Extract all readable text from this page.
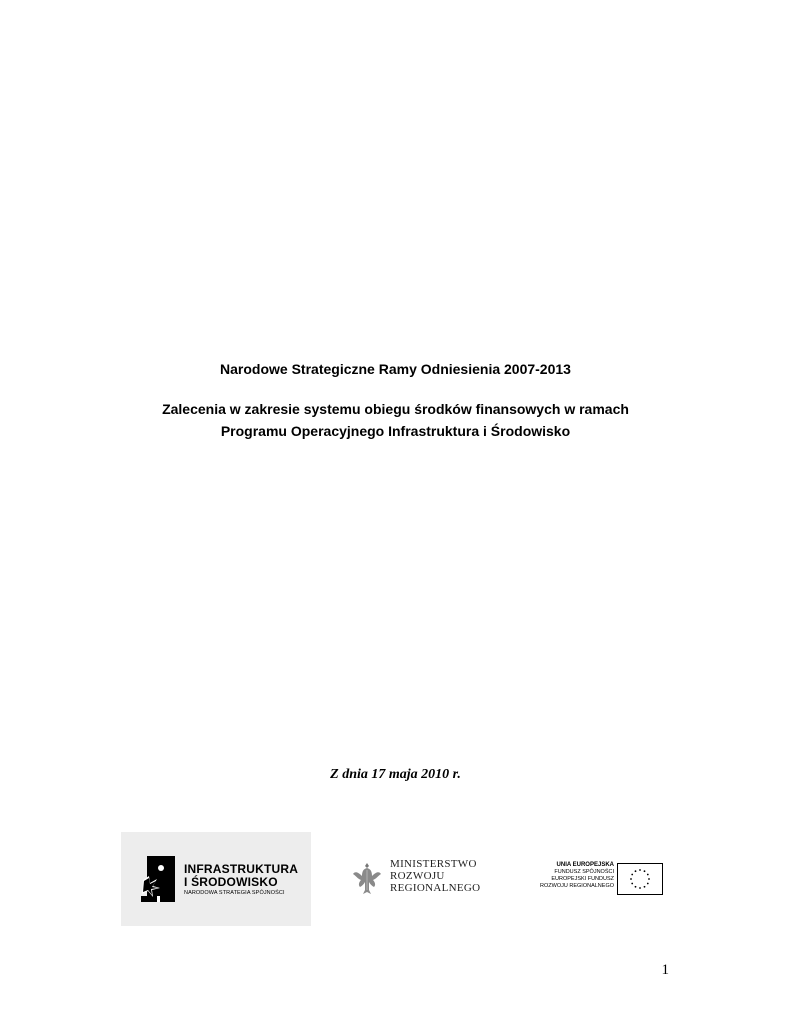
Narodowe Strategiczne Ramy Odniesienia 2007-2013
Zalecenia w zakresie systemu obiegu środków finansowych w ramach
Programu Operacyjnego Infrastruktura i Środowisko
Z dnia 17 maja 2010 r.
INFRASTRUKTURA
I ŚRODOWISKO
NARODOWA STRATEGIA SPÓJNOŚCI
MINISTERSTWO
ROZWOJU
REGIONALNEGO
UNIA EUROPEJSKA
FUNDUSZ SPÓJNOŚCI
EUROPEJSKI FUNDUSZ
ROZWOJU REGIONALNEGO
1
